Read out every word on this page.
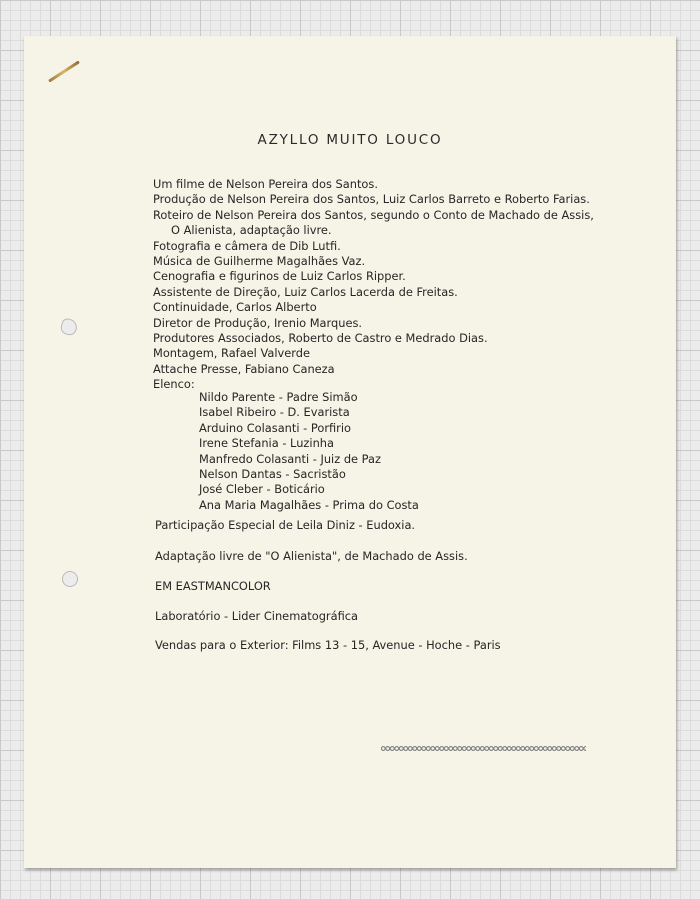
AZYLLO MUITO LOUCO
Um filme de Nelson Pereira dos Santos.
Produção de Nelson Pereira dos Santos, Luiz Carlos Barreto e Roberto Farias.
Roteiro de Nelson Pereira dos Santos, segundo o Conto de Machado de Assis,
O Alienista, adaptação livre.
Fotografia e câmera de Dib Lutfi.
Música de Guilherme Magalhães Vaz.
Cenografia e figurinos de Luiz Carlos Ripper.
Assistente de Direção, Luiz Carlos Lacerda de Freitas.
Continuidade, Carlos Alberto
Diretor de Produção, Irenio Marques.
Produtores Associados, Roberto de Castro e Medrado Dias.
Montagem, Rafael Valverde
Attache Presse, Fabiano Caneza
Elenco:
Nildo Parente - Padre Simão
Isabel Ribeiro - D. Evarista
Arduino Colasanti - Porfirio
Irene Stefania - Luzinha
Manfredo Colasanti - Juiz de Paz
Nelson Dantas - Sacristão
José Cleber - Boticário
Ana Maria Magalhães - Prima do Costa
Participação Especial de Leila Diniz - Eudoxia.
Adaptação livre de "O Alienista", de Machado de Assis.
EM EASTMANCOLOR
Laboratório - Lider Cinematográfica
Vendas para o Exterior: Films 13 - 15, Avenue - Hoche - Paris
